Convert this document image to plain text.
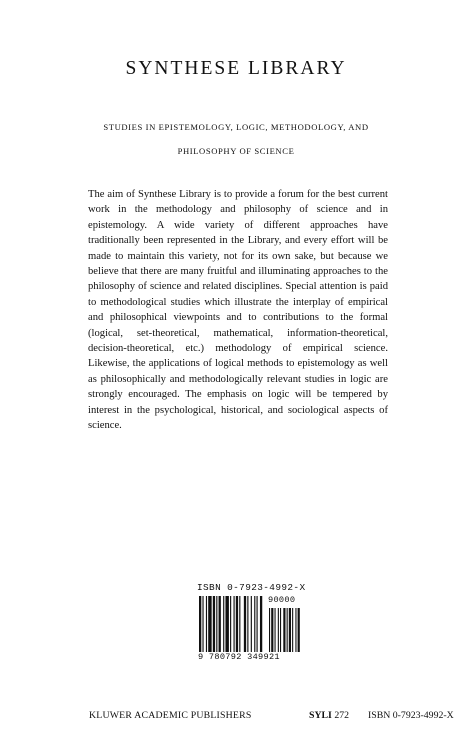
SYNTHESE LIBRARY
STUDIES IN EPISTEMOLOGY, LOGIC, METHODOLOGY, AND
PHILOSOPHY OF SCIENCE
The aim of Synthese Library is to provide a forum for the best current work in the methodology and philosophy of science and in epistemology. A wide variety of different approaches have traditionally been represented in the Library, and every effort will be made to maintain this variety, not for its own sake, but because we believe that there are many fruitful and illuminating approaches to the philosophy of science and related disciplines. Special attention is paid to methodological studies which illustrate the interplay of empirical and philosophical viewpoints and to contributions to the formal (logical, set-theoretical, mathematical, information-theoretical, decision-theoretical, etc.) methodology of empirical science. Likewise, the applications of logical methods to epistemology as well as philosophically and methodologically relevant studies in logic are strongly encouraged. The emphasis on logic will be tempered by interest in the psychological, historical, and sociological aspects of science.
ISBN 0-7923-4992-X
90000
9 780792 349921
KLUWER ACADEMIC PUBLISHERS	SYLI 272 ISBN 0-7923-4992-X
